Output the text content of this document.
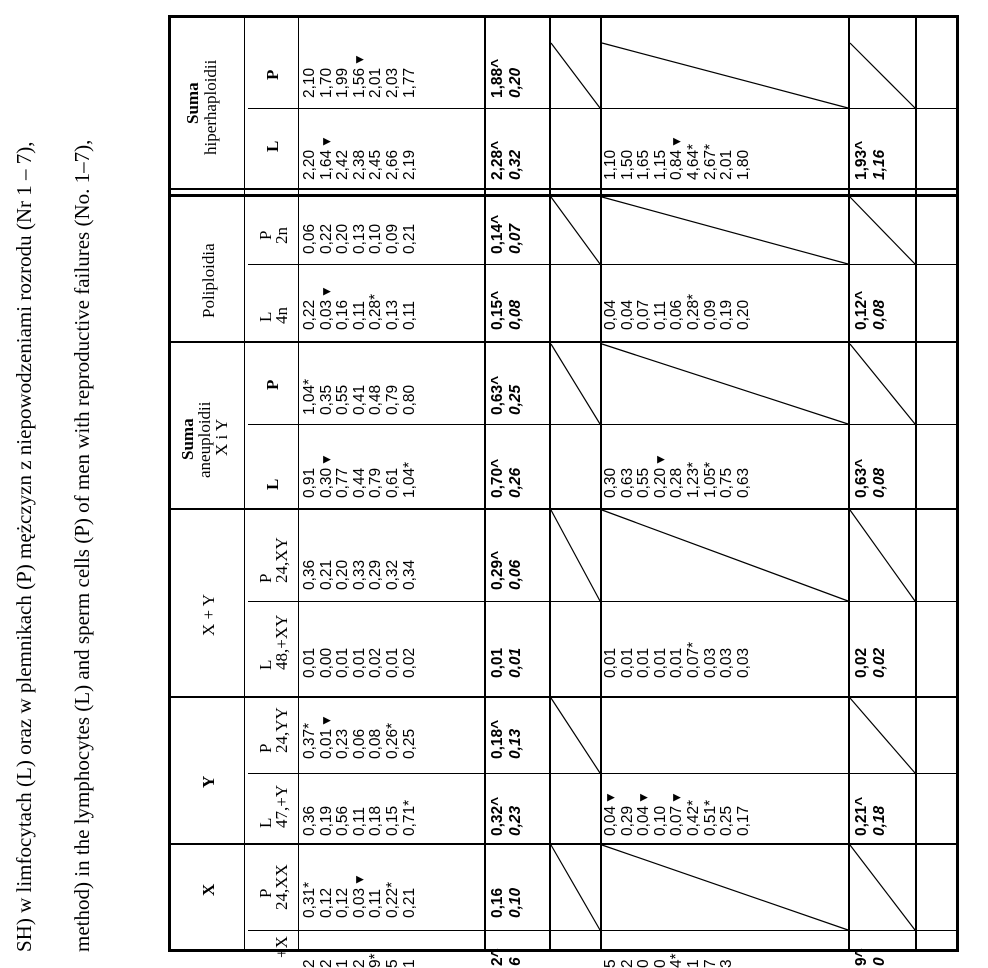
SH) w limfocytach (L) oraz w plemnikach (P) mężczyzn z niepowodzeniami rozrodu (Nr 1 – 7), method) in the lymphocytes (L) and sperm cells (P) of men with reproductive failures (No. 1–7),	X
Y
X + Y
Suma
aneuploidii
X i Y
Poliploidia
Suma hiperhaploidii
P
24,XX
+X
L
47,+Y
P
24,YY
L
48,+XY
P
24,XY
L
P
L
4n
P
2n
L
P
0,31* 0,12 0,12 0,03 ▾ 0,11 0,22* 0,21
2 2 1 2 9* 5 1
0,36 0,19 0,56 0,11 0,18 0,15 0,71*
0,37* 0,01 ▾ 0,23 0,06 0,08 0,26* 0,25
0,01 0,00 0,01 0,01 0,02 0,01 0,02
0,36 0,21 0,20 0,33 0,29 0,32 0,34
0,91 0,30 ▾ 0,77 0,44 0,79 0,61 1,04*
1,04* 0,35 0,55 0,41 0,48 0,79 0,80
0,22 0,03 ▾ 0,16 0,11 0,28* 0,13 0,11
0,06 0,22 0,20 0,13 0,10 0,09 0,21
2,20 1,64 ▾ 2,42 2,38 2,45 2,66 2,19
2,10 1,70 1,99 1,56 ▾ 2,01 2,03 1,77
2^ 6
0,16 0,10
0,32^ 0,23
0,18^ 0,13
0,01 0,01
0,29^ 0,06
0,70^ 0,26
0,63^ 0,25
0,15^ 0,08
0,14^ 0,07
2,28^ 0,32
1,88^ 0,20
5 2 0 0 4* 1 7 3
0,04 ▾ 0,29 0,04 ▾ 0,10 0,07 ▾ 0,42* 0,51* 0,25 0,17
0,01 0,01 0,01 0,01 0,01 0,07* 0,03 0,03 0,03
0,30 0,63 0,55 0,20 ▾ 0,28 1,23* 1,05* 0,75 0,63
0,04 0,04 0,07 0,11 0,06 0,28* 0,09 0,19 0,20
1,10 1,50 1,65 1,15 0,84 ▾ 4,64* 2,67* 2,01 1,80
9^ 0
0,21^ 0,18
0,02 0,02
0,63^ 0,08
0,12^ 0,08
1,93^ 1,16
